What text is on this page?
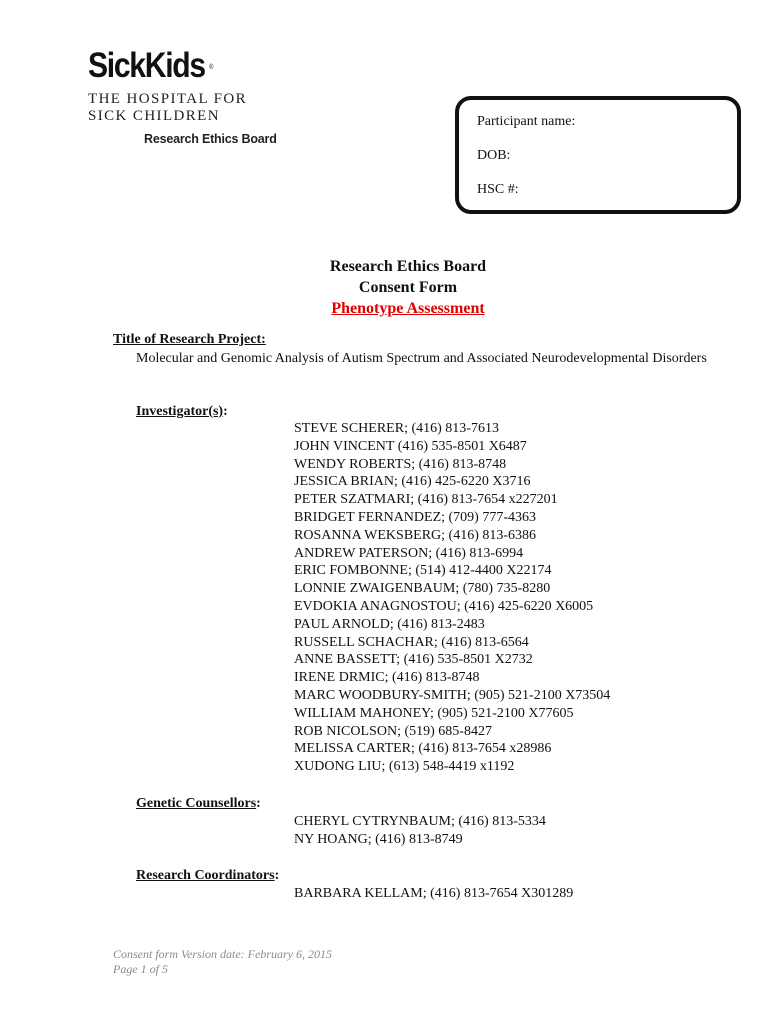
SickKids ®
THE HOSPITAL FOR
SICK CHILDREN
Research Ethics Board
Participant name:
DOB:
HSC #:
Research Ethics Board
Consent Form
Phenotype Assessment
Title of Research Project:
Molecular and Genomic Analysis of Autism Spectrum and Associated Neurodevelopmental Disorders
Investigator(s):
STEVE SCHERER; (416) 813-7613
JOHN VINCENT (416) 535-8501 X6487
WENDY ROBERTS; (416) 813-8748
JESSICA BRIAN; (416) 425-6220 X3716
PETER SZATMARI; (416) 813-7654 x227201
BRIDGET FERNANDEZ; (709) 777-4363
ROSANNA WEKSBERG; (416) 813-6386
ANDREW PATERSON; (416) 813-6994
ERIC FOMBONNE; (514) 412-4400 X22174
LONNIE ZWAIGENBAUM; (780) 735-8280
EVDOKIA ANAGNOSTOU; (416) 425-6220 X6005
PAUL ARNOLD; (416) 813-2483
RUSSELL SCHACHAR; (416) 813-6564
ANNE BASSETT; (416) 535-8501 X2732
IRENE DRMIC; (416) 813-8748
MARC WOODBURY-SMITH; (905) 521-2100 X73504
WILLIAM MAHONEY; (905) 521-2100 X77605
ROB NICOLSON; (519) 685-8427
MELISSA CARTER; (416) 813-7654 x28986
XUDONG LIU; (613) 548-4419 x1192
Genetic Counsellors:
CHERYL CYTRYNBAUM; (416) 813-5334
NY HOANG; (416) 813-8749
Research Coordinators:
BARBARA KELLAM; (416) 813-7654 X301289
Consent form Version date: February 6, 2015
Page 1 of 5
